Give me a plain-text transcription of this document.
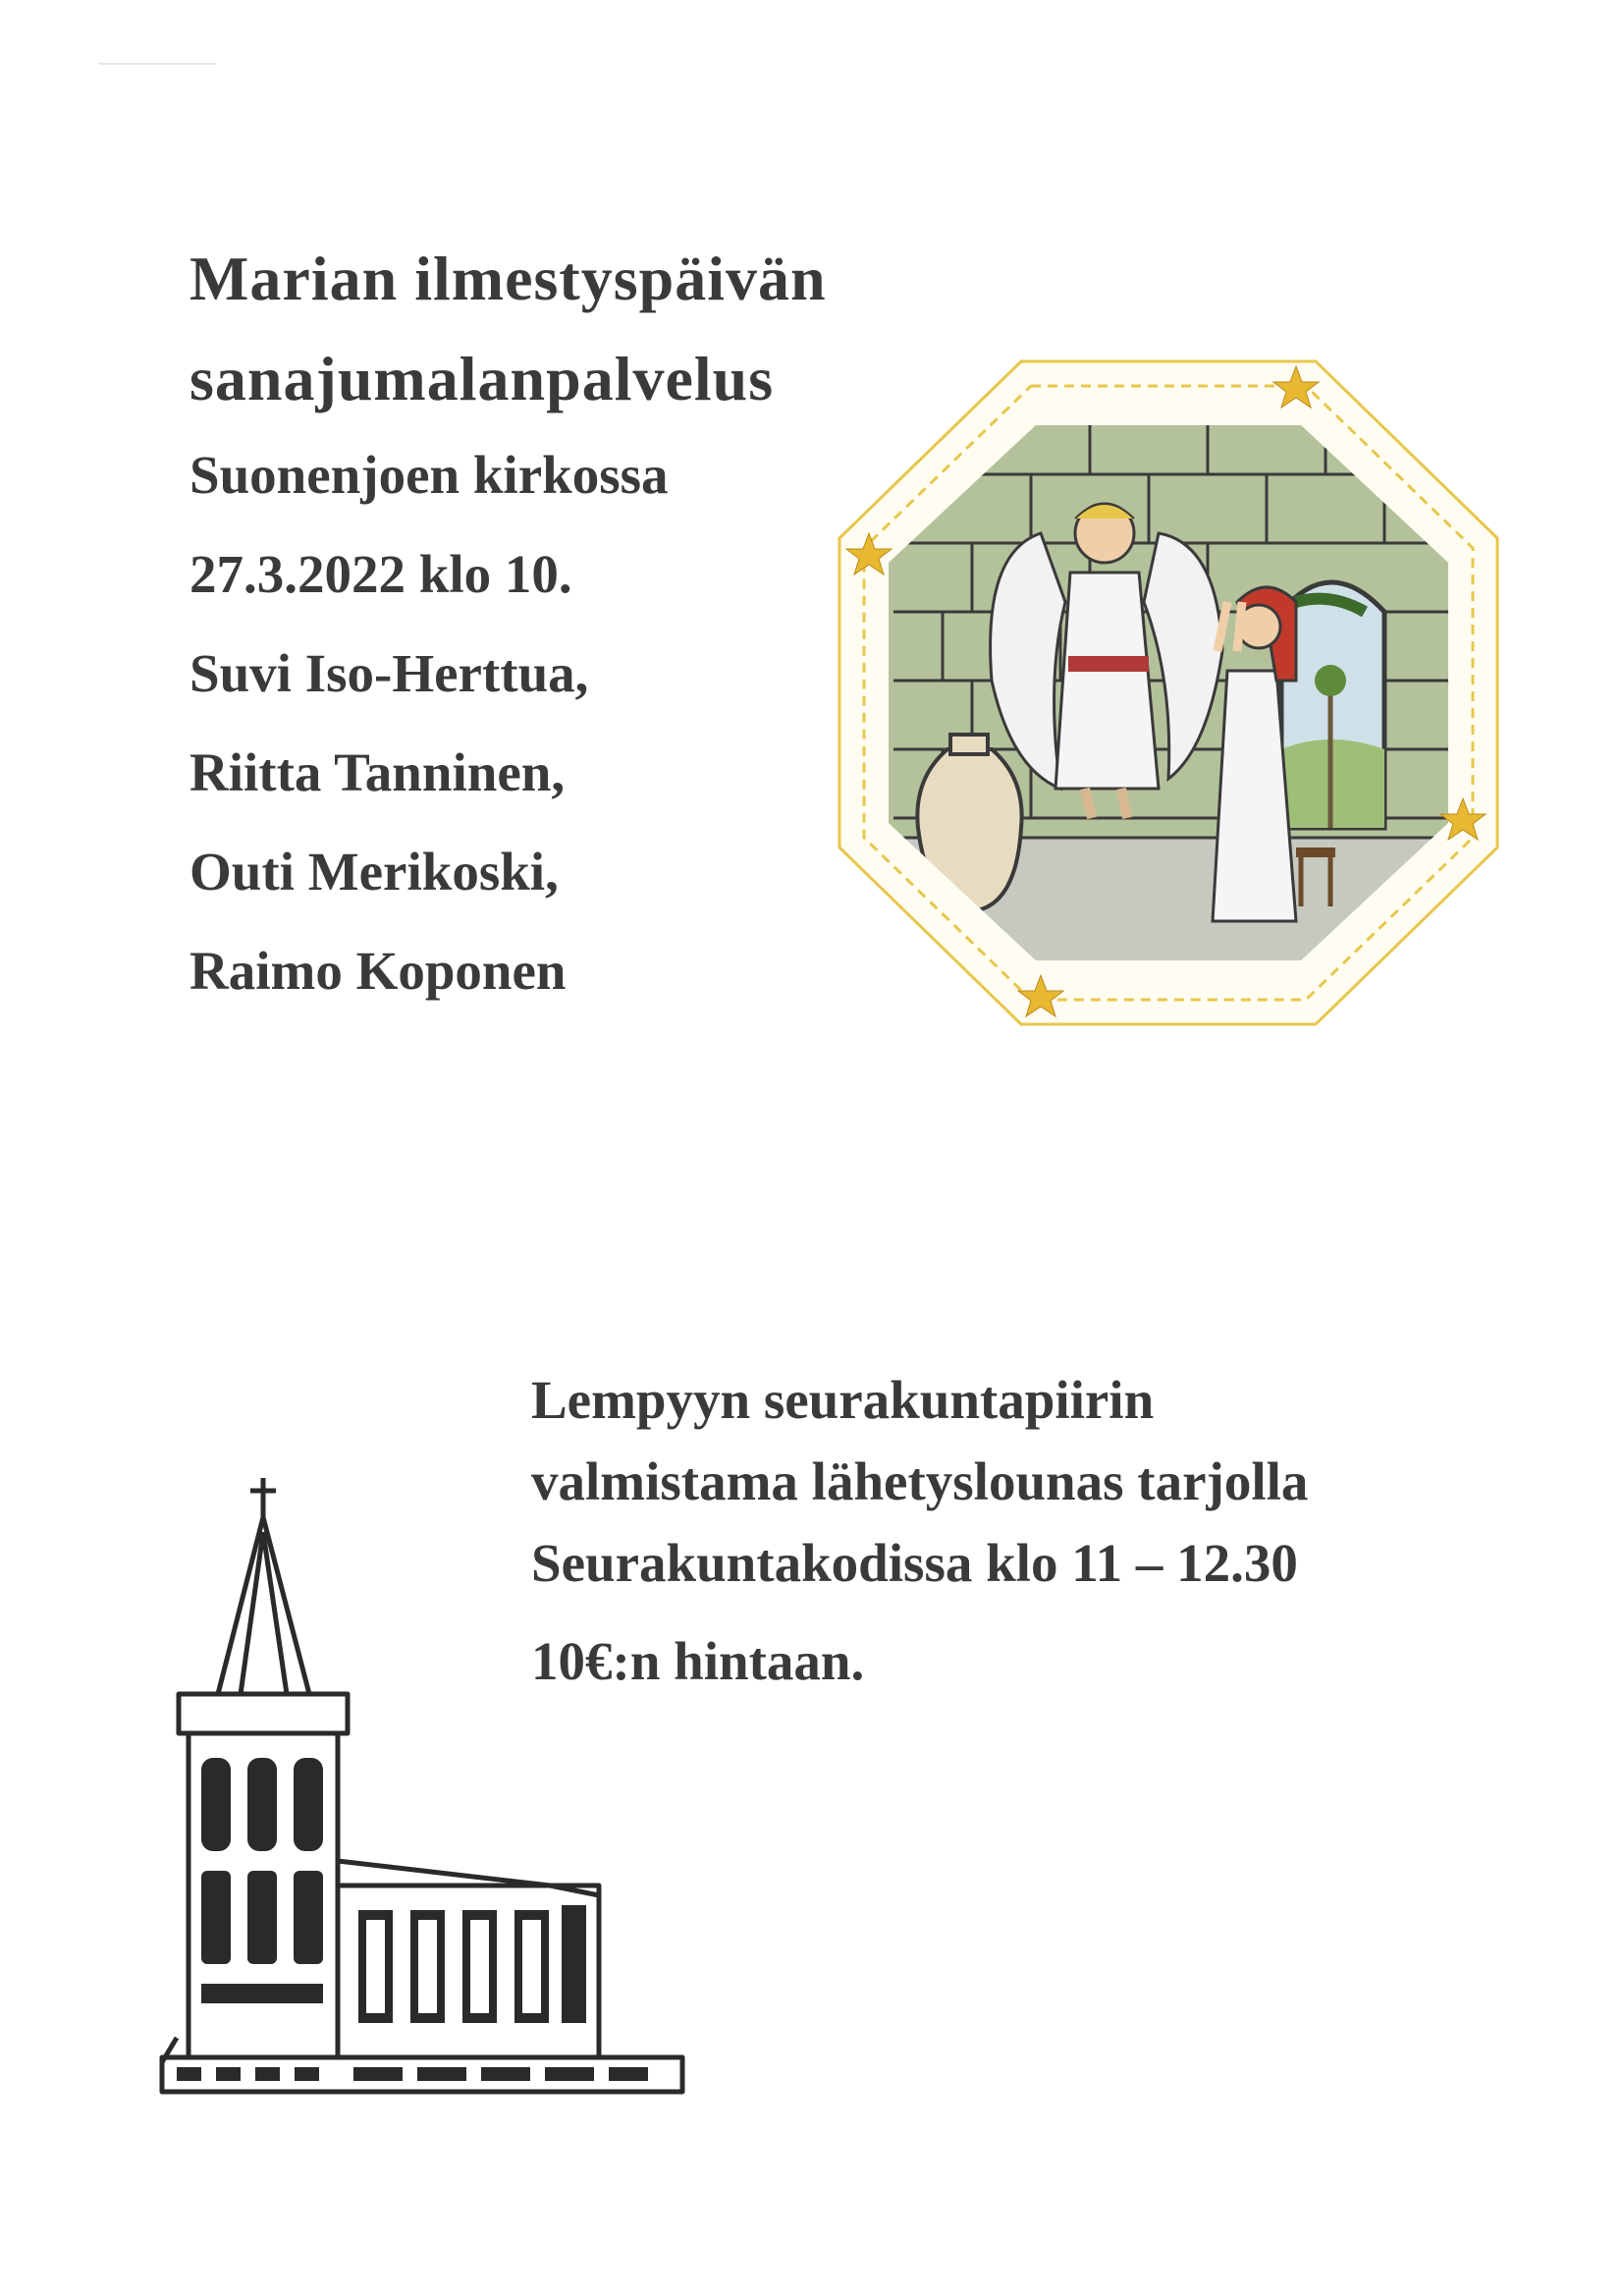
Marian ilmestyspäivän
sanajumalanpalvelus
Suonenjoen kirkossa
27.3.2022 klo 10.
Suvi Iso-Herttua,
Riitta Tanninen,
Outi Merikoski,
Raimo Koponen
Lempyyn seurakuntapiirin
valmistama lähetyslounas tarjolla
Seurakuntakodissa klo 11 – 12.30
10€:n hintaan.
